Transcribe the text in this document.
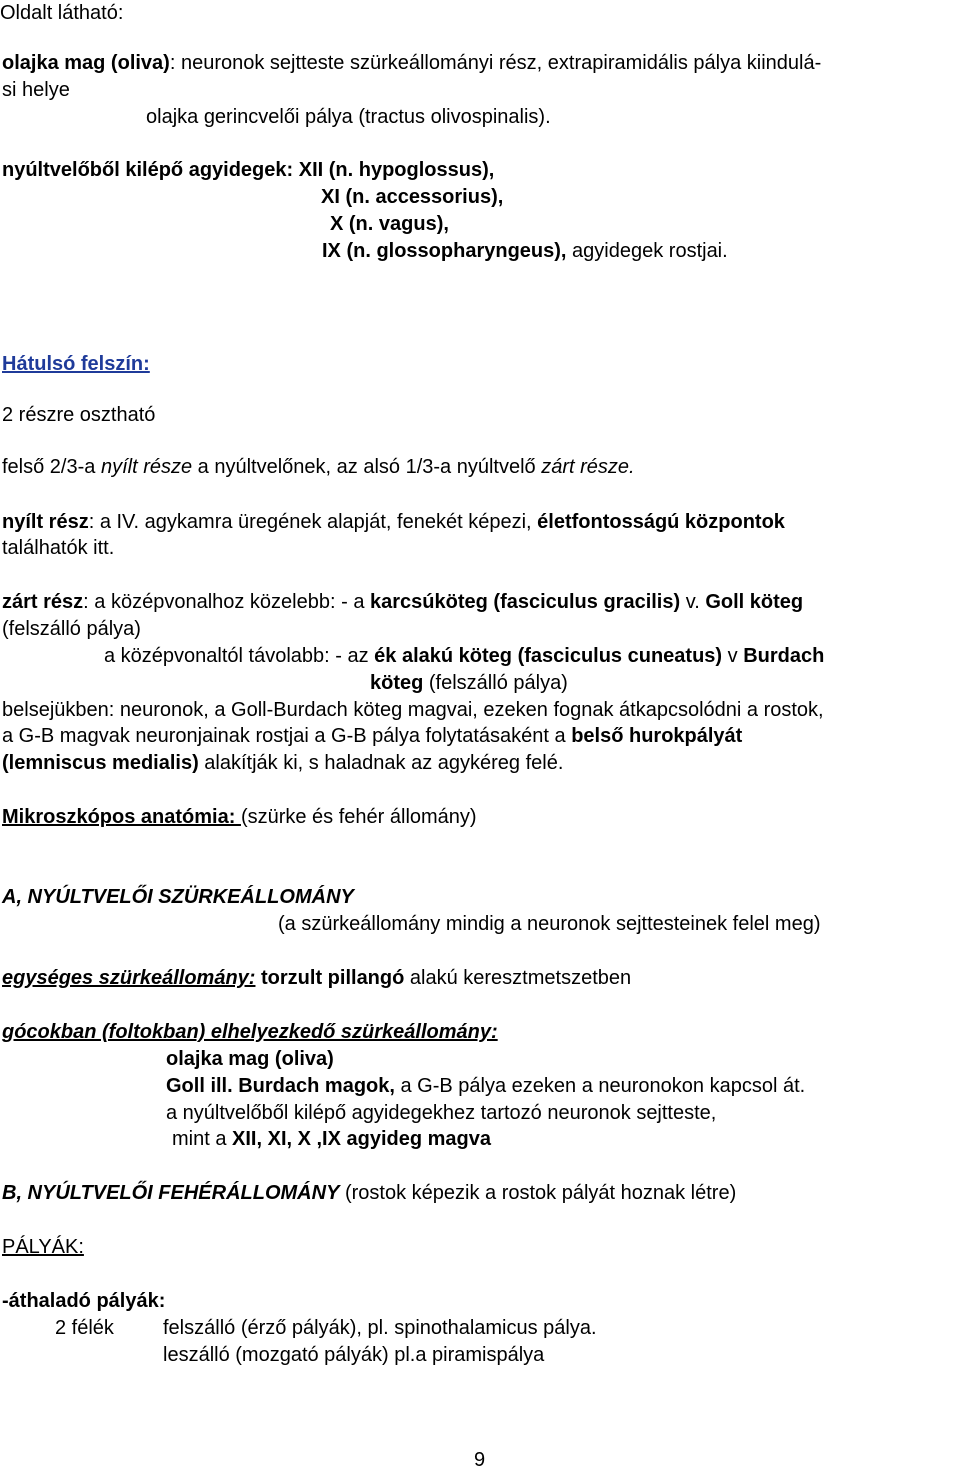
Oldalt látható:
olajka mag (oliva): neuronok sejtteste szürkeállományi rész, extrapiramidális pálya kiindulá-
si helye
olajka gerincvelői pálya (tractus olivospinalis).
nyúltvelőből kilépő agyidegek: XII (n. hypoglossus),
XI (n. accessorius),
X (n. vagus),
IX (n. glossopharyngeus), agyidegek rostjai.
Hátulsó felszín:
2 részre osztható
felső 2/3-a nyílt része a nyúltvelőnek, az alsó 1/3-a nyúltvelő zárt része.
nyílt rész: a IV. agykamra üregének alapját, fenekét képezi, életfontosságú központok
találhatók itt.
zárt rész: a középvonalhoz közelebb: - a karcsúköteg (fasciculus gracilis) v. Goll köteg
(felszálló pálya)
a középvonaltól távolabb: - az ék alakú köteg (fasciculus cuneatus) v Burdach
köteg (felszálló pálya)
belsejükben: neuronok, a Goll-Burdach köteg magvai, ezeken fognak átkapcsolódni a rostok,
a G-B magvak neuronjainak rostjai a G-B pálya folytatásaként a belső hurokpályát
(lemniscus medialis) alakítják ki, s haladnak az agykéreg felé.
Mikroszkópos anatómia: (szürke és fehér állomány)
A, NYÚLTVELŐI SZÜRKEÁLLOMÁNY
(a szürkeállomány mindig a neuronok sejttesteinek felel meg)
egységes szürkeállomány: torzult pillangó alakú keresztmetszetben
gócokban (foltokban) elhelyezkedő szürkeállomány:
olajka mag (oliva)
Goll ill. Burdach magok, a G-B pálya ezeken a neuronokon kapcsol át.
a nyúltvelőből kilépő agyidegekhez tartozó neuronok sejtteste,
mint a XII, XI, X ,IX agyideg magva
B, NYÚLTVELŐI FEHÉRÁLLOMÁNY (rostok képezik a rostok pályát hoznak létre)
PÁLYÁK:
-áthaladó pályák:
2 félék felszálló (érző pályák), pl. spinothalamicus pálya.
leszálló (mozgató pályák) pl.a piramispálya
9
